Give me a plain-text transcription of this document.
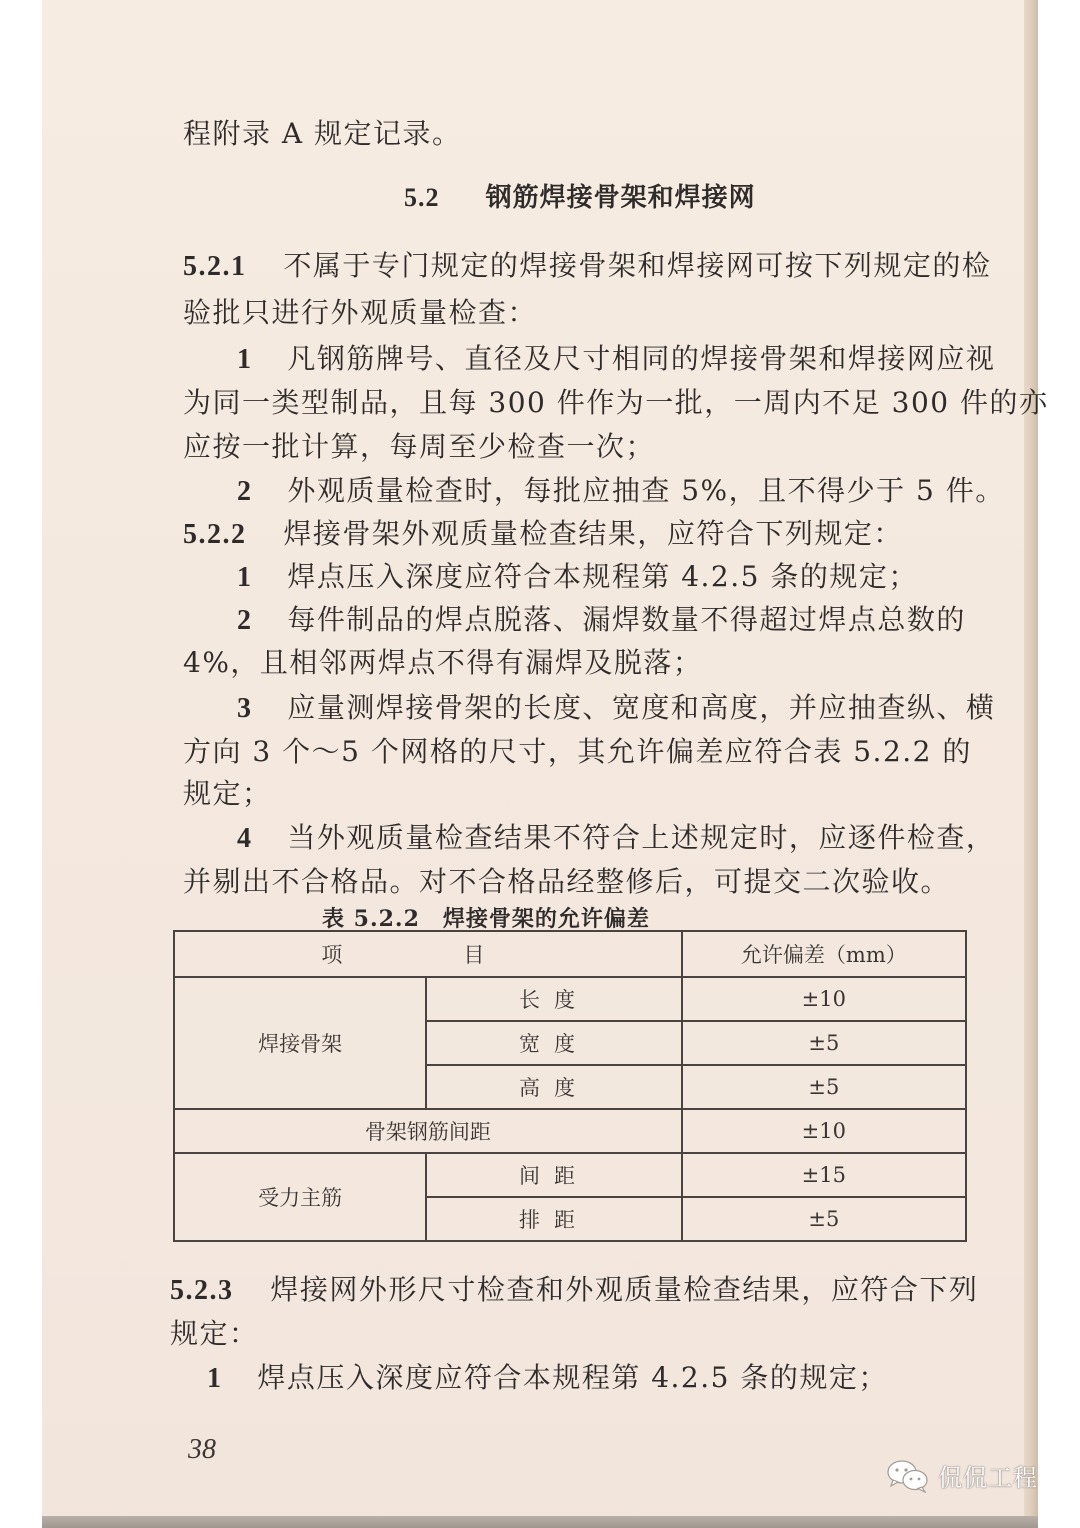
程附录 A 规定记录。
5.2 钢筋焊接骨架和焊接网
5.2.1 不属于专门规定的焊接骨架和焊接网可按下列规定的检
验批只进行外观质量检查：
1 凡钢筋牌号、直径及尺寸相同的焊接骨架和焊接网应视
为同一类型制品，且每 300 件作为一批，一周内不足 300 件的亦
应按一批计算，每周至少检查一次；
2 外观质量检查时，每批应抽查 5%，且不得少于 5 件。
5.2.2 焊接骨架外观质量检查结果，应符合下列规定：
1 焊点压入深度应符合本规程第 4.2.5 条的规定；
2 每件制品的焊点脱落、漏焊数量不得超过焊点总数的
4%，且相邻两焊点不得有漏焊及脱落；
3 应量测焊接骨架的长度、宽度和高度，并应抽查纵、横
方向 3 个～5 个网格的尺寸，其允许偏差应符合表 5.2.2 的
规定；
4 当外观质量检查结果不符合上述规定时，应逐件检查，
并剔出不合格品。对不合格品经整修后，可提交二次验收。
表 5.2.2　焊接骨架的允许偏差
项　目		允许偏差（mm）
焊接骨架	长度	±10
	宽度	±5
	高度	±5
骨架钢筋间距		±10
受力主筋	间距	±15
	排距	±5
5.2.3 焊接网外形尺寸检查和外观质量检查结果，应符合下列
规定：
1 焊点压入深度应符合本规程第 4.2.5 条的规定；
38
侃侃工程
